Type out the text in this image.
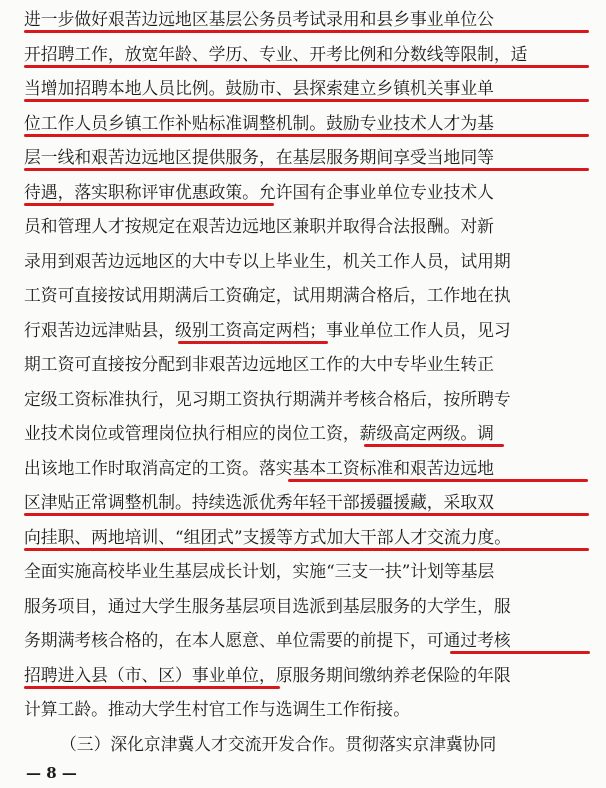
进一步做好艰苦边远地区基层公务员考试录用和县乡事业单位公
开招聘工作，放宽年龄、学历、专业、开考比例和分数线等限制，适
当增加招聘本地人员比例。鼓励市、县探索建立乡镇机关事业单
位工作人员乡镇工作补贴标准调整机制。鼓励专业技术人才为基
层一线和艰苦边远地区提供服务，在基层服务期间享受当地同等
待遇，落实职称评审优惠政策。允许国有企事业单位专业技术人
员和管理人才按规定在艰苦边远地区兼职并取得合法报酬。对新
录用到艰苦边远地区的大中专以上毕业生，机关工作人员，试用期
工资可直接按试用期满后工资确定，试用期满合格后，工作地在执
行艰苦边远津贴县，级别工资高定两档；事业单位工作人员，见习
期工资可直接按分配到非艰苦边远地区工作的大中专毕业生转正
定级工资标准执行，见习期工资执行期满并考核合格后，按所聘专
业技术岗位或管理岗位执行相应的岗位工资，薪级高定两级。调
出该地工作时取消高定的工资。落实基本工资标准和艰苦边远地
区津贴正常调整机制。持续选派优秀年轻干部援疆援藏，采取双
向挂职、两地培训、“组团式”支援等方式加大干部人才交流力度。
全面实施高校毕业生基层成长计划，实施“三支一扶”计划等基层
服务项目，通过大学生服务基层项目选派到基层服务的大学生，服
务期满考核合格的，在本人愿意、单位需要的前提下，可通过考核
招聘进入县（市、区）事业单位，原服务期间缴纳养老保险的年限
计算工龄。推动大学生村官工作与选调生工作衔接。
— 8 —
（三）深化京津冀人才交流开发合作。贯彻落实京津冀协同
